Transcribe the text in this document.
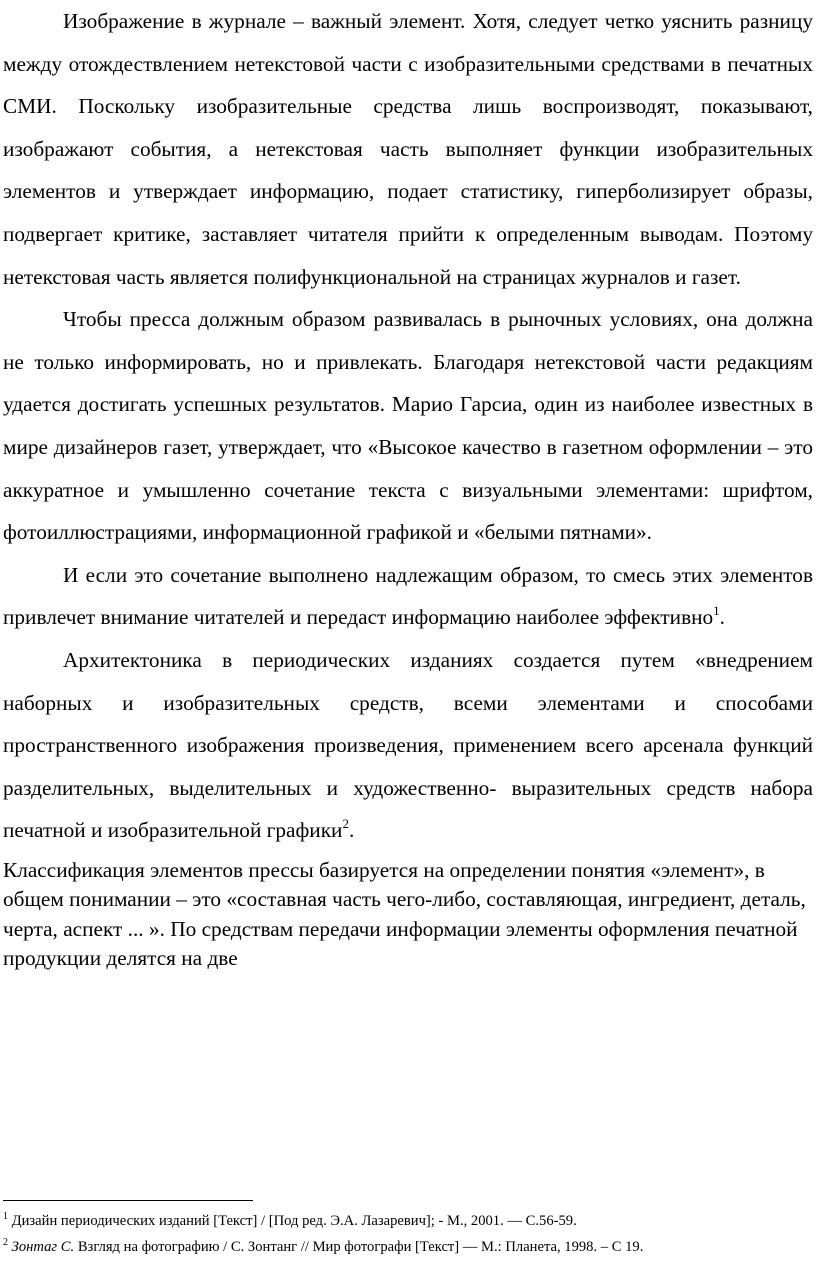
Изображение в журнале – важный элемент. Хотя, следует четко уяснить разницу между отождествлением нетекстовой части с изобразительными средствами в печатных СМИ. Поскольку изобразительные средства лишь воспроизводят, показывают, изображают события, а нетекстовая часть выполняет функции изобразительных элементов и утверждает информацию, подает статистику, гиперболизирует образы, подвергает критике, заставляет читателя прийти к определенным выводам. Поэтому нетекстовая часть является полифункциональной на страницах журналов и газет.

Чтобы пресса должным образом развивалась в рыночных условиях, она должна не только информировать, но и привлекать. Благодаря нетекстовой части редакциям удается достигать успешных результатов. Марио Гарсиа, один из наиболее известных в мире дизайнеров газет, утверждает, что «Высокое качество в газетном оформлении – это аккуратное и умышленно сочетание текста с визуальными элементами: шрифтом, фотоиллюстрациями, информационной графикой и «белыми пятнами».

И если это сочетание выполнено надлежащим образом, то смесь этих элементов привлечет внимание читателей и передаст информацию наиболее эффективно$^1$.

Архитектоника в периодических изданиях создается путем «внедрением наборных и изобразительных средств, всеми элементами и способами пространственного изображения произведения, применением всего арсенала функций разделительных, выделительных и художественно- выразительных средств набора печатной и изобразительной графики$^2$.

Классификация элементов прессы базируется на определении понятия «элемент», в общем понимании – это «составная часть чего-либо, составляющая, ингредиент, деталь, черта, аспект ... ». По средствам передачи информации элементы оформления печатной продукции делятся на две

$^1$ Дизайн периодических изданий [Текст] / [Под ред. Э.А. Лазаревич]; - М., 2001. — С.56-59.
$^2$ Зонтаг С. Взгляд на фотографию / С. Зонтанг // Мир фотографи [Текст] — М.: Планета, 1998. – С 19.
